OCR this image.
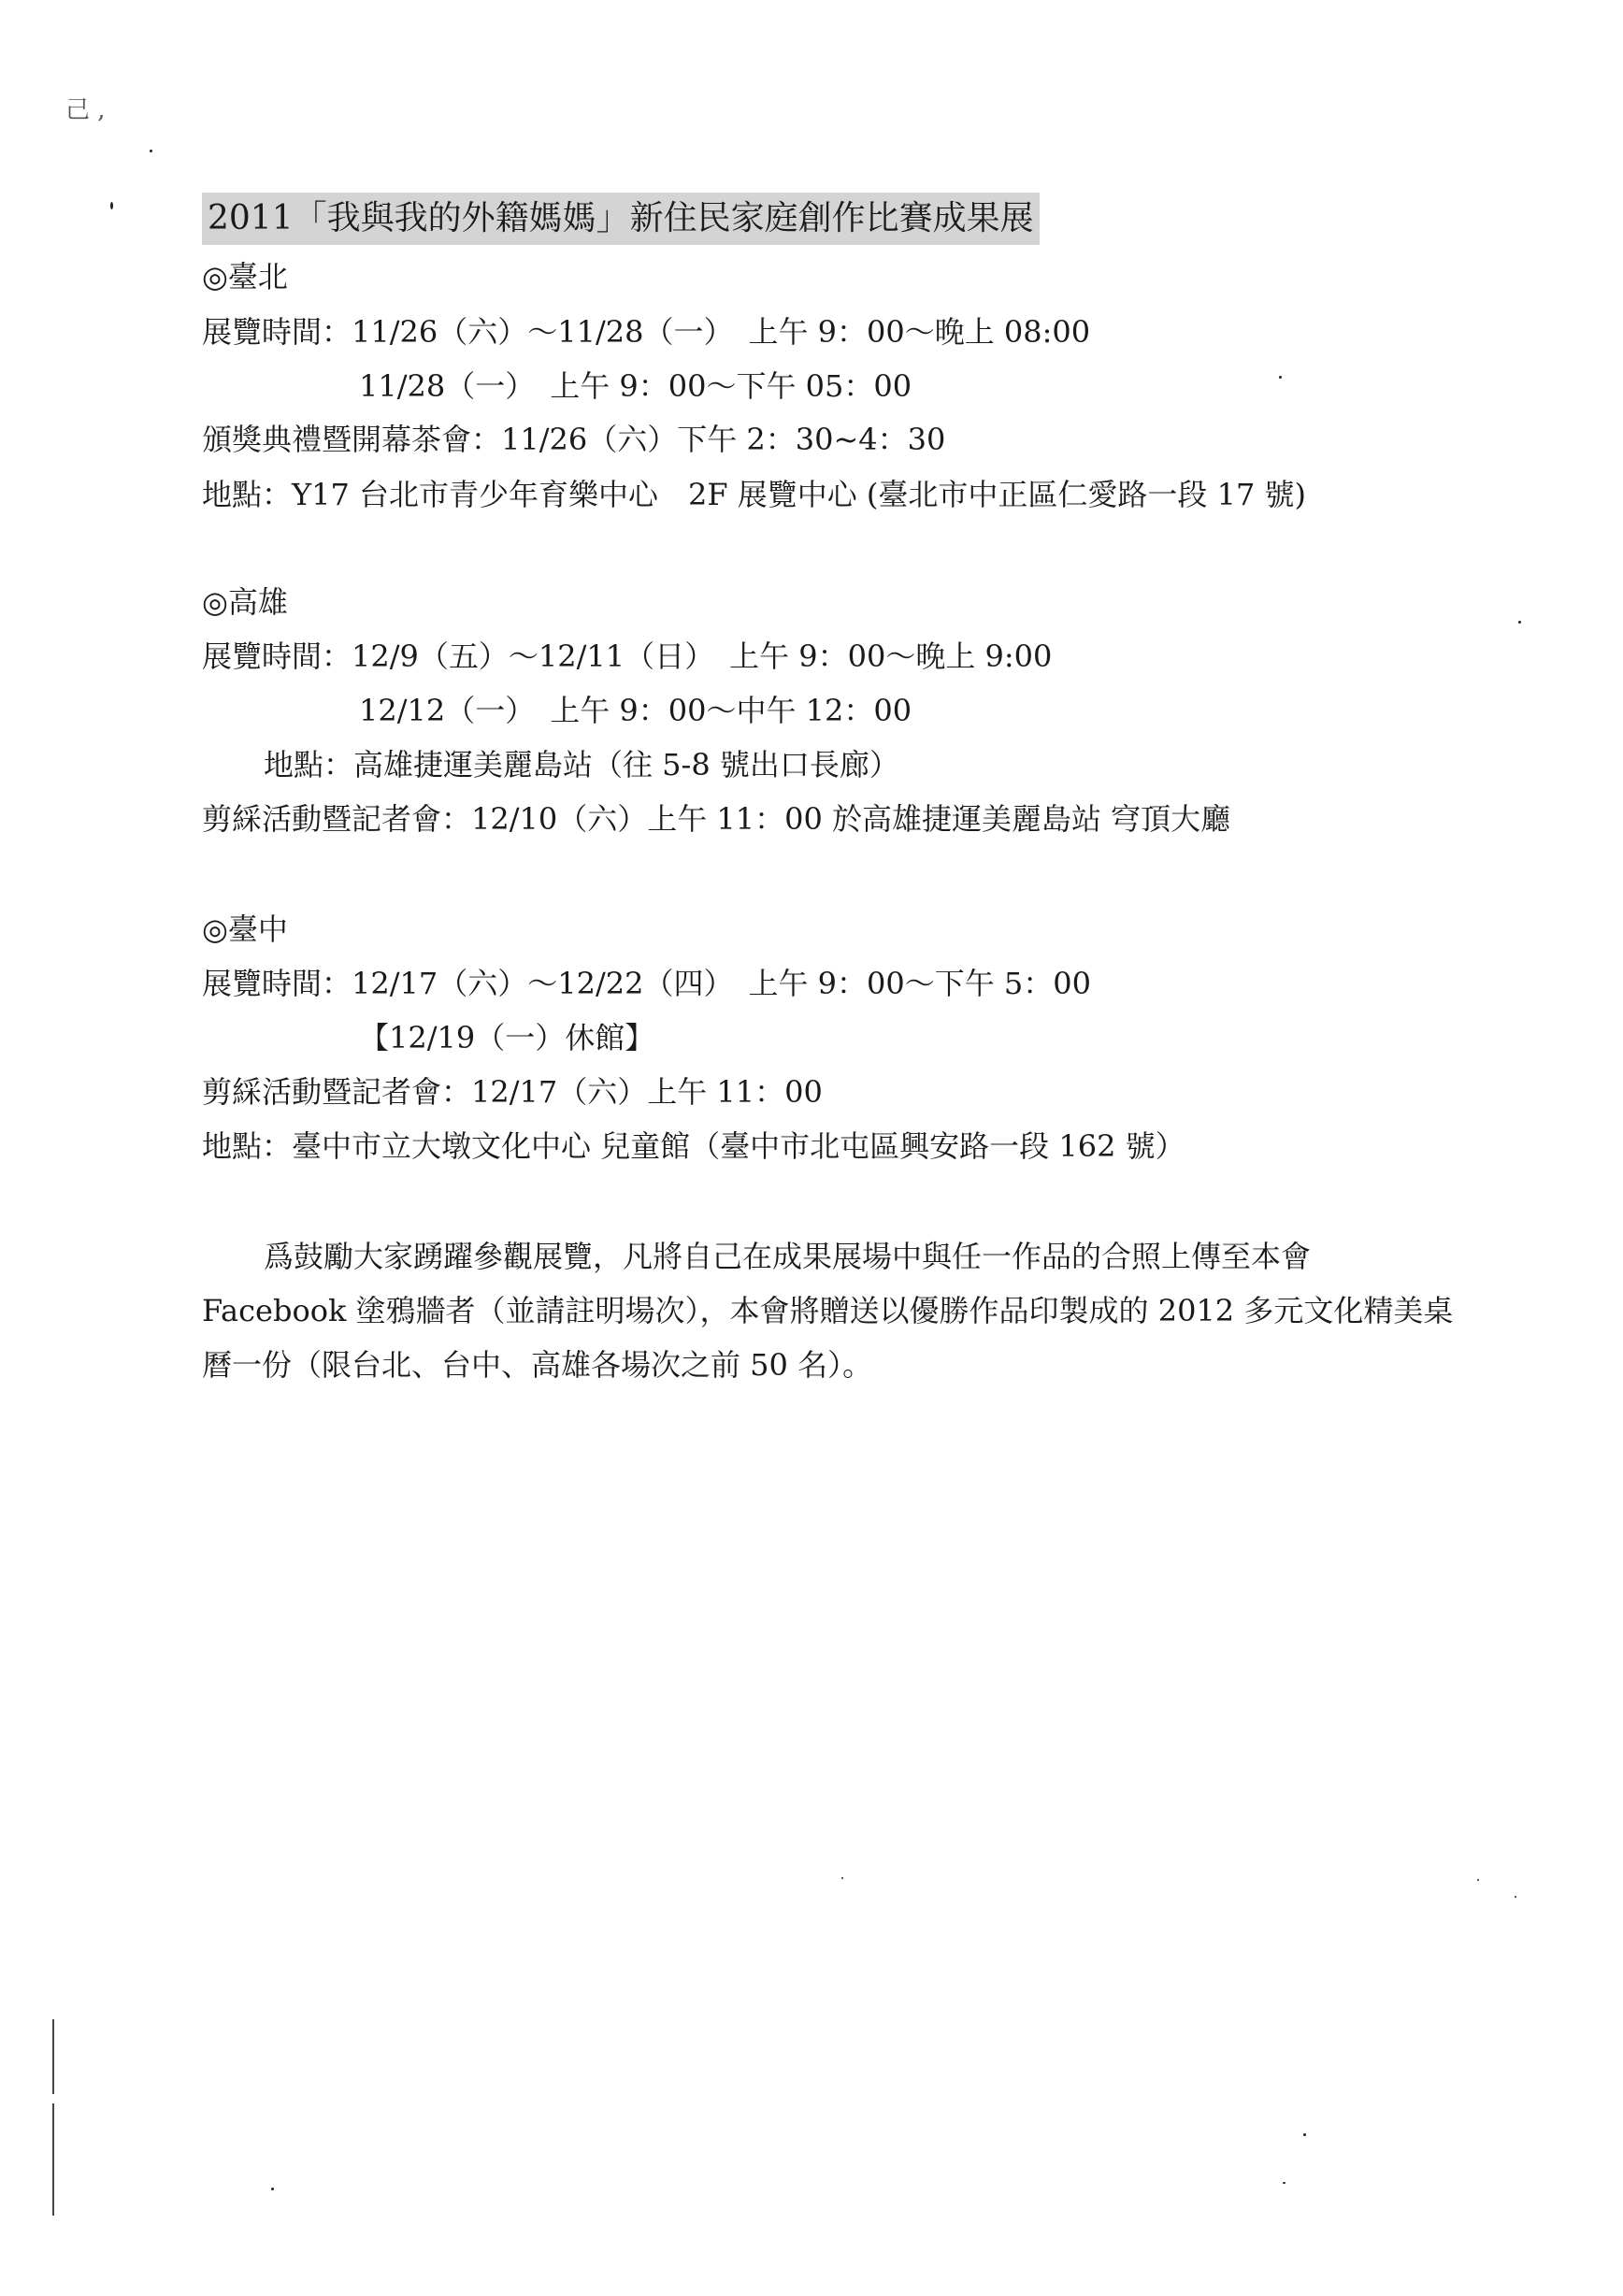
己 ,
2011「我與我的外籍媽媽」新住民家庭創作比賽成果展
◎臺北
展覽時間：11/26（六）～11/28（一）　上午 9：00～晚上 08:00
11/28（一）　上午 9：00～下午 05：00
頒獎典禮暨開幕茶會：11/26（六）下午 2：30~4：30
地點：Y17 台北市青少年育樂中心　2F 展覽中心 (臺北市中正區仁愛路一段 17 號)
◎高雄
展覽時間：12/9（五）～12/11（日）　上午 9：00～晚上 9:00
12/12（一）　上午 9：00～中午 12：00
地點：高雄捷運美麗島站（往 5-8 號出口長廊）
剪綵活動暨記者會：12/10（六）上午 11：00 於高雄捷運美麗島站 穹頂大廳
◎臺中
展覽時間：12/17（六）～12/22（四）　上午 9：00～下午 5：00
【12/19（一）休館】
剪綵活動暨記者會：12/17（六）上午 11：00
地點：臺中市立大墩文化中心 兒童館（臺中市北屯區興安路一段 162 號）
爲鼓勵大家踴躍參觀展覽，凡將自己在成果展場中與任一作品的合照上傳至本會
Facebook 塗鴉牆者（並請註明場次），本會將贈送以優勝作品印製成的 2012 多元文化精美桌
曆一份（限台北、台中、高雄各場次之前 50 名）。
